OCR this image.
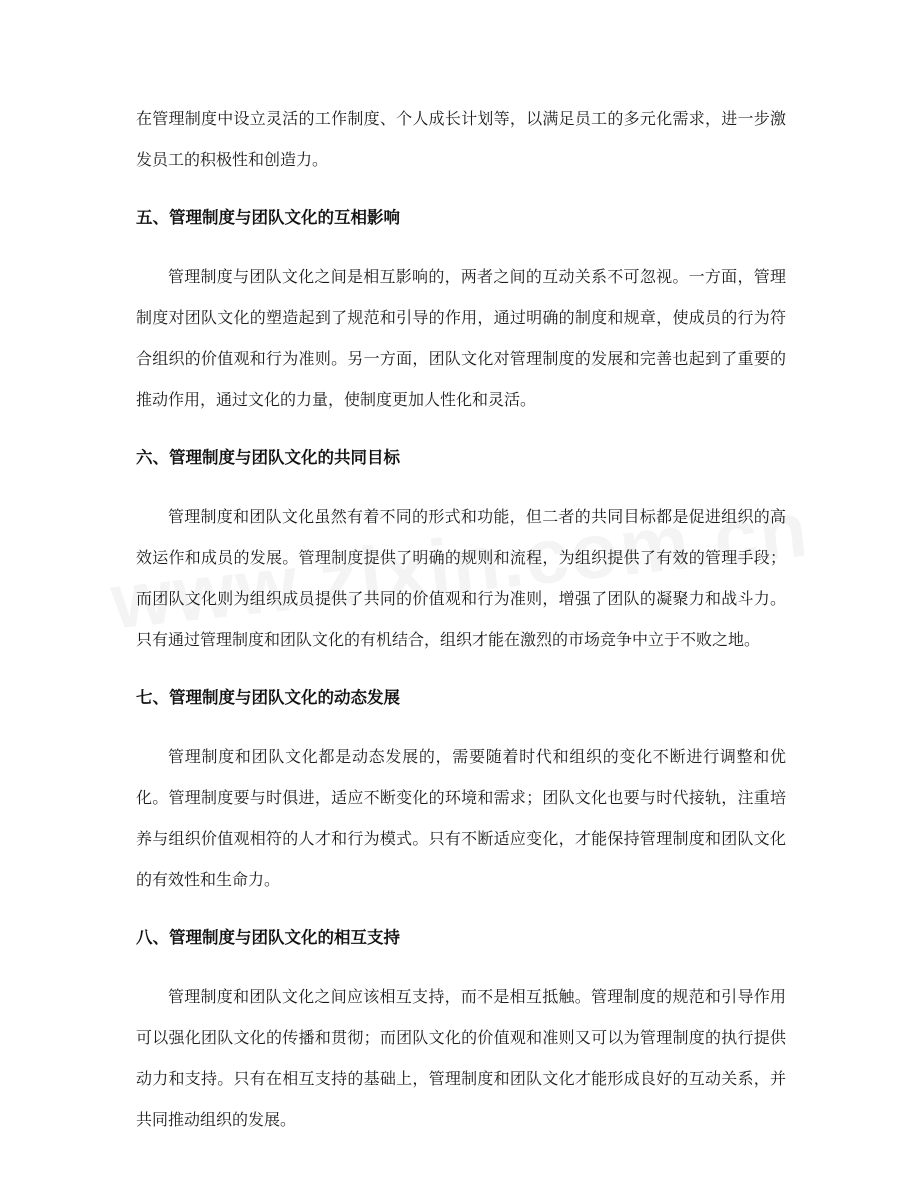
在管理制度中设立灵活的工作制度、个人成长计划等，以满足员工的多元化需求，进一步激发员工的积极性和创造力。

五、管理制度与团队文化的互相影响

管理制度与团队文化之间是相互影响的，两者之间的互动关系不可忽视。一方面，管理制度对团队文化的塑造起到了规范和引导的作用，通过明确的制度和规章，使成员的行为符合组织的价值观和行为准则。另一方面，团队文化对管理制度的发展和完善也起到了重要的推动作用，通过文化的力量，使制度更加人性化和灵活。

六、管理制度与团队文化的共同目标

管理制度和团队文化虽然有着不同的形式和功能，但二者的共同目标都是促进组织的高效运作和成员的发展。管理制度提供了明确的规则和流程，为组织提供了有效的管理手段；而团队文化则为组织成员提供了共同的价值观和行为准则，增强了团队的凝聚力和战斗力。只有通过管理制度和团队文化的有机结合，组织才能在激烈的市场竞争中立于不败之地。

七、管理制度与团队文化的动态发展

管理制度和团队文化都是动态发展的，需要随着时代和组织的变化不断进行调整和优化。管理制度要与时俱进，适应不断变化的环境和需求；团队文化也要与时代接轨，注重培养与组织价值观相符的人才和行为模式。只有不断适应变化，才能保持管理制度和团队文化的有效性和生命力。

八、管理制度与团队文化的相互支持

管理制度和团队文化之间应该相互支持，而不是相互抵触。管理制度的规范和引导作用可以强化团队文化的传播和贯彻；而团队文化的价值观和准则又可以为管理制度的执行提供动力和支持。只有在相互支持的基础上，管理制度和团队文化才能形成良好的互动关系，并共同推动组织的发展。
